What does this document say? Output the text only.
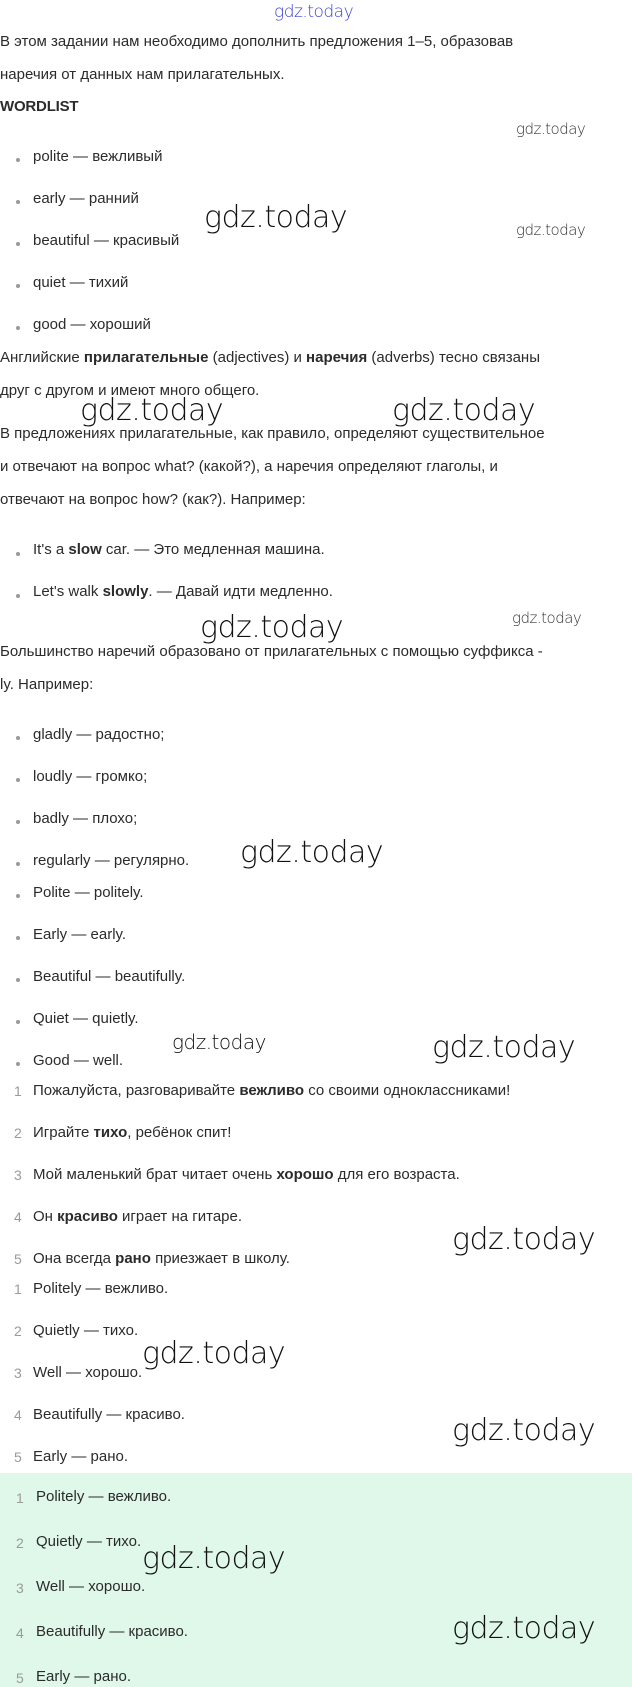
gdz.today
В этом задании нам необходимо дополнить предложения 1–5, образовав
наречия от данных нам прилагательных.
WORDLIST
gdz.today
polite — вежливый
early — ранний
beautiful — красивый
quiet — тихий
good — хороший
gdz.today	gdz.today
Английские прилагательные (adjectives) и наречия (adverbs) тесно связаны
друг с другом и имеют много общего.
gdz.today	gdz.today
В предложениях прилагательные, как правило, определяют существительное
и отвечают на вопрос what? (какой?), а наречия определяют глаголы, и
отвечают на вопрос how? (как?). Например:
It's a slow car. — Это медленная машина.
Let's walk slowly. — Давай идти медленно.
gdz.today	gdz.today
Большинство наречий образовано от прилагательных с помощью суффикса -
ly. Например:
gladly — радостно;
loudly — громко;
badly — плохо;
regularly — регулярно. gdz.today
Polite — politely.
Early — early.
Beautiful — beautifully.
Quiet — quietly.
Good — well.
gdz.today	gdz.today
1 Пожалуйста, разговаривайте вежливо со своими одноклассниками!
2 Играйте тихо, ребёнок спит!
3 Мой маленький брат читает очень хорошо для его возраста.
4 Он красиво играет на гитаре.
5 Она всегда рано приезжает в школу.
gdz.today
1 Politely — вежливо.
2 Quietly — тихо.
3 Well — хорошо.
4 Beautifully — красиво.
5 Early — рано.
gdz.today
gdz.today
1 Politely — вежливо.
2 Quietly — тихо.
3 Well — хорошо.
4 Beautifully — красиво.
5 Early — рано.
gdz.today
gdz.today
